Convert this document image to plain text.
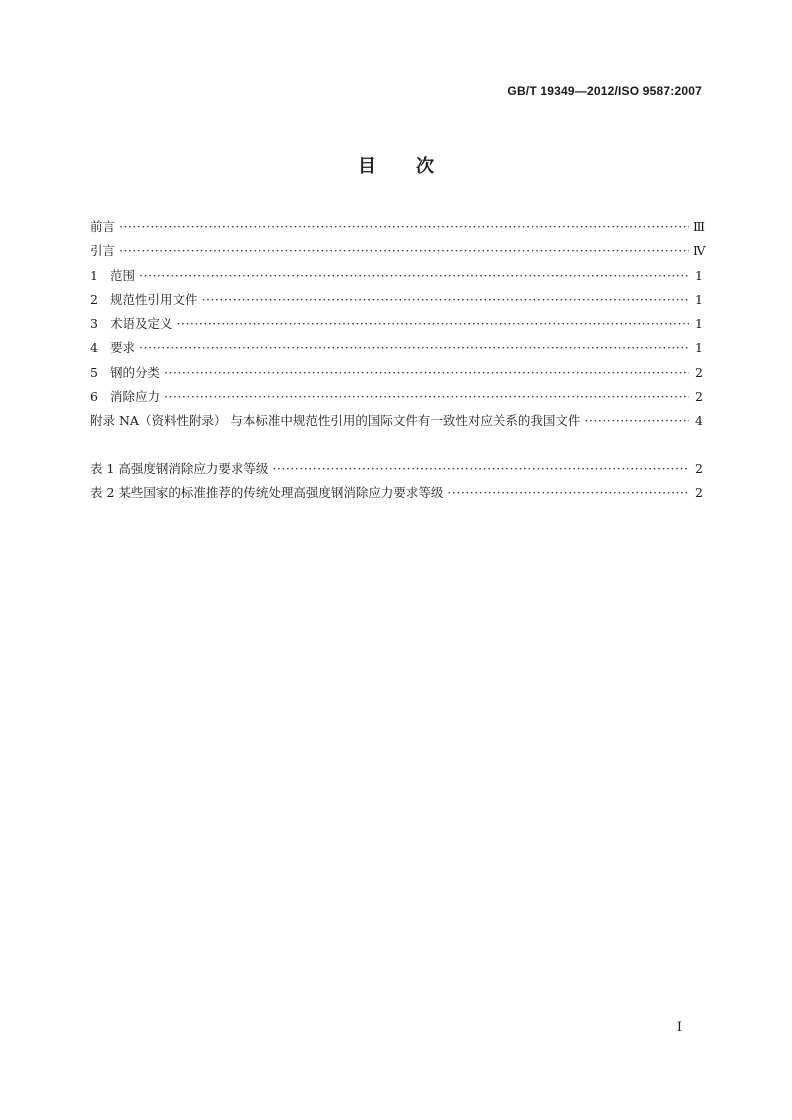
GB/T 19349—2012/ISO 9587:2007
目次
前言 ·····	Ⅲ
引言 ·····	Ⅳ
1 范围 ·····	1
2 规范性引用文件 ·····	1
3 术语及定义 ·····	1
4 要求 ·····	1
5 钢的分类 ·····	2
6 消除应力 ·····	2
附录 NA（资料性附录） 与本标准中规范性引用的国际文件有一致性对应关系的我国文件 ·····	4
表 1 高强度钢消除应力要求等级 ·····	2
表 2 某些国家的标准推荐的传统处理高强度钢消除应力要求等级 ·····	2
I
